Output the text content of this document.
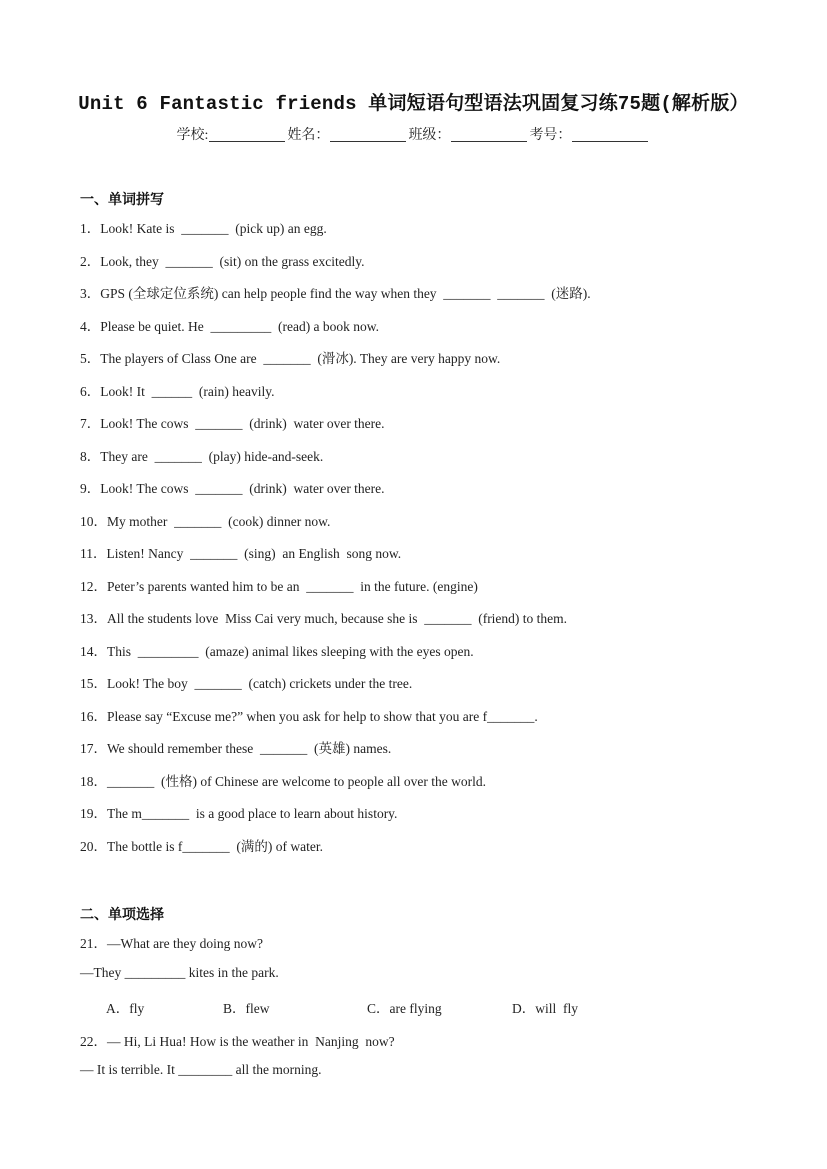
Unit 6 Fantastic friends 单词短语句型语法巩固复习练75题(解析版）
学校:	姓名：	班级：	考号：
一、单词拼写
1．Look! Kate is  _______  (pick up) an egg.
2．Look, they  _______  (sit) on the grass excitedly.
3．GPS (全球定位系统) can help people find the way when they  _______  _______  (迷路).
4．Please be quiet. He  _________  (read) a book now.
5．The players of Class One are  _______  (滑冰). They are very happy now.
6．Look! It  ______  (rain) heavily.
7．Look! The cows  _______  (drink)  water over there.
8．They are  _______  (play) hide-and-seek.
9．Look! The cows  _______  (drink)  water over there.
10．My mother  _______  (cook) dinner now.
11．Listen! Nancy  _______  (sing)  an English  song now.
12．Peter’s parents wanted him to be an  _______  in the future. (engine)
13．All the students love  Miss Cai very much, because she is  _______  (friend) to them.
14．This  _________  (amaze) animal likes sleeping with the eyes open.
15．Look! The boy  _______  (catch) crickets under the tree.
16．Please say “Excuse me?” when you ask for help to show that you are f_______.
17．We should remember these  _______  (英雄) names.
18．_______  (性格) of Chinese are welcome to people all over the world.
19．The m_______  is a good place to learn about history.
20．The bottle is f_______  (满的) of water.
二、单项选择
21．—What are they doing now?
—They _________ kites in the park.
A．fly	B．flew	C．are flying	D．will  fly
22．— Hi, Li Hua! How is the weather in  Nanjing  now?
— It is terrible. It ________ all the morning.
